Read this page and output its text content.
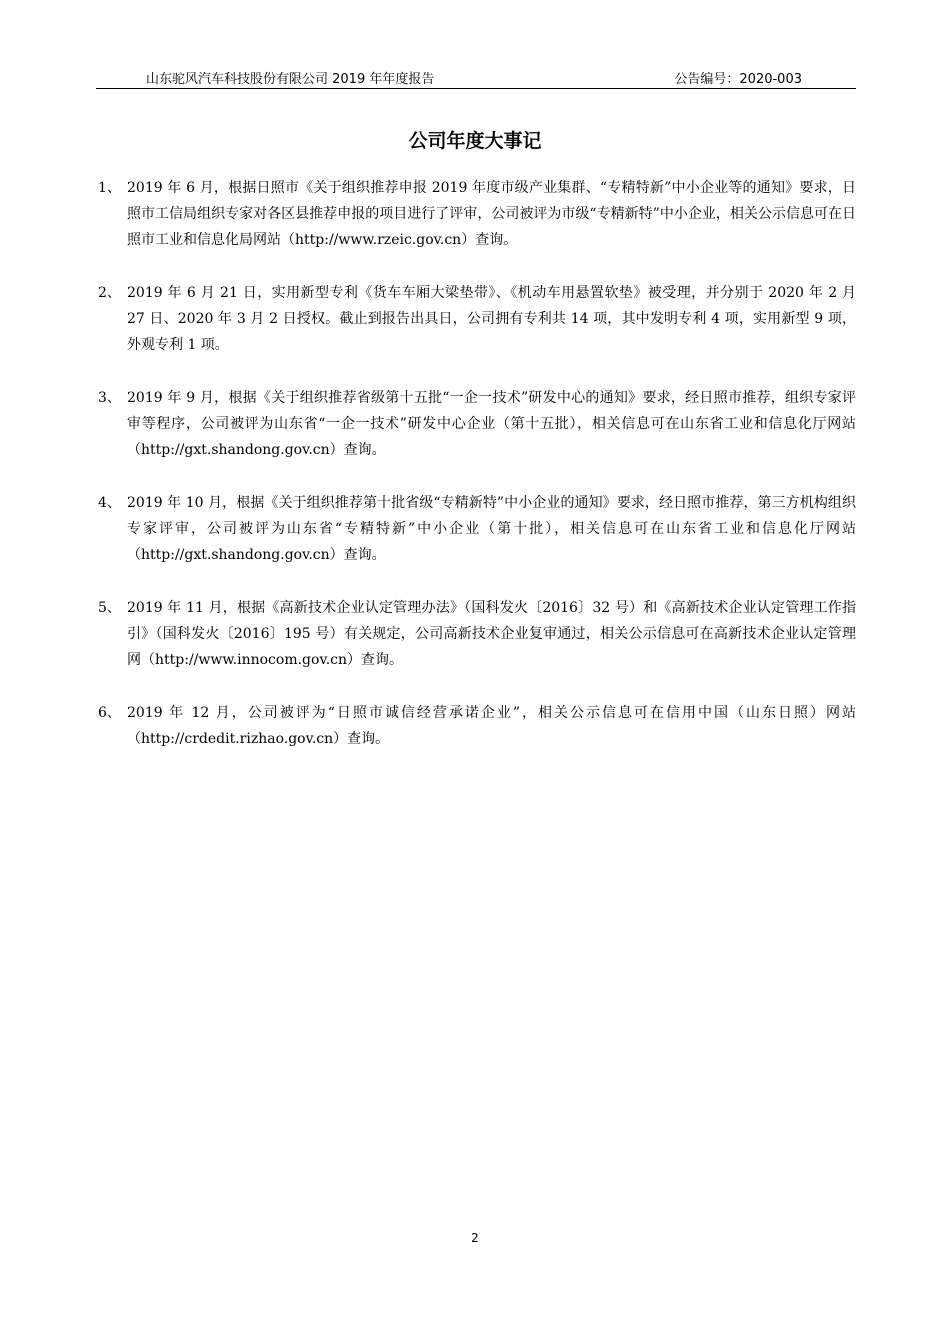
山东驼风汽车科技股份有限公司 2019 年年度报告	公告编号：2020-003
公司年度大事记
1、 2019 年 6 月，根据日照市《关于组织推荐申报 2019 年度市级产业集群、“专精特新”中小企业等的通知》要求，日照市工信局组织专家对各区县推荐申报的项目进行了评审，公司被评为市级“专精新特”中小企业，相关公示信息可在日照市工业和信息化局网站（http://www.rzeic.gov.cn）查询。
2、 2019 年 6 月 21 日，实用新型专利《货车车厢大梁垫带》、《机动车用悬置软垫》被受理，并分别于 2020 年 2 月 27 日、2020 年 3 月 2 日授权。截止到报告出具日，公司拥有专利共 14 项，其中发明专利 4 项，实用新型 9 项，外观专利 1 项。
3、 2019 年 9 月，根据《关于组织推荐省级第十五批“一企一技术”研发中心的通知》要求，经日照市推荐，组织专家评审等程序，公司被评为山东省“一企一技术”研发中心企业（第十五批），相关信息可在山东省工业和信息化厅网站（http://gxt.shandong.gov.cn）查询。
4、 2019 年 10 月，根据《关于组织推荐第十批省级“专精新特”中小企业的通知》要求，经日照市推荐，第三方机构组织专家评审，公司被评为山东省“专精特新”中小企业（第十批），相关信息可在山东省工业和信息化厅网站（http://gxt.shandong.gov.cn）查询。
5、 2019 年 11 月，根据《高新技术企业认定管理办法》（国科发火〔2016〕32 号）和《高新技术企业认定管理工作指引》（国科发火〔2016〕195 号）有关规定，公司高新技术企业复审通过，相关公示信息可在高新技术企业认定管理网（http://www.innocom.gov.cn）查询。
6、 2019 年 12 月，公司被评为“日照市诚信经营承诺企业”，相关公示信息可在信用中国（山东日照）网站（http://crdedit.rizhao.gov.cn）查询。
2
